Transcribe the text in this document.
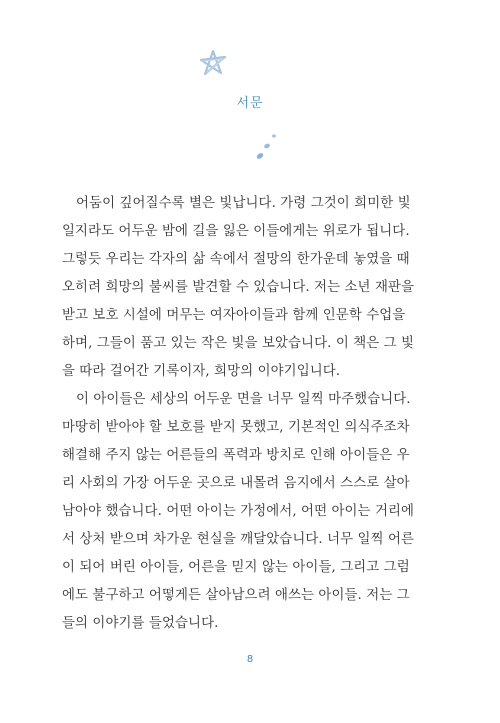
서문
어둠이 깊어질수록 별은 빛납니다. 가령 그것이 희미한 빛
일지라도 어두운 밤에 길을 잃은 이들에게는 위로가 됩니다.
그렇듯 우리는 각자의 삶 속에서 절망의 한가운데 놓였을 때
오히려 희망의 불씨를 발견할 수 있습니다. 저는 소년 재판을
받고 보호 시설에 머무는 여자아이들과 함께 인문학 수업을
하며, 그들이 품고 있는 작은 빛을 보았습니다. 이 책은 그 빛
을 따라 걸어간 기록이자, 희망의 이야기입니다.
이 아이들은 세상의 어두운 면을 너무 일찍 마주했습니다.
마땅히 받아야 할 보호를 받지 못했고, 기본적인 의식주조차
해결해 주지 않는 어른들의 폭력과 방치로 인해 아이들은 우
리 사회의 가장 어두운 곳으로 내몰려 음지에서 스스로 살아
남아야 했습니다. 어떤 아이는 가정에서, 어떤 아이는 거리에
서 상처 받으며 차가운 현실을 깨달았습니다. 너무 일찍 어른
이 되어 버린 아이들, 어른을 믿지 않는 아이들, 그리고 그럼
에도 불구하고 어떻게든 살아남으려 애쓰는 아이들. 저는 그
들의 이야기를 들었습니다.
8
